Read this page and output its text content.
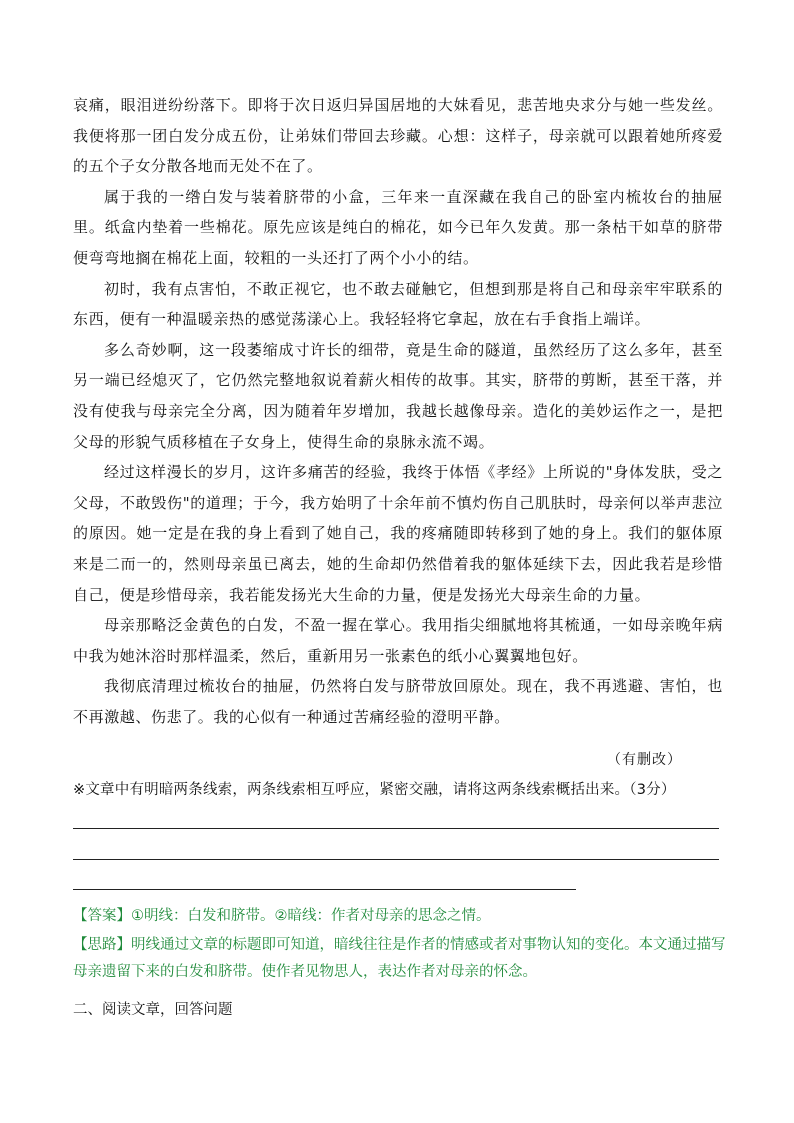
哀痛，眼泪迸纷纷落下。即将于次日返归异国居地的大妹看见，悲苦地央求分与她一些发丝。我便将那一团白发分成五份，让弟妹们带回去珍藏。心想：这样子，母亲就可以跟着她所疼爱的五个子女分散各地而无处不在了。

属于我的一绺白发与装着脐带的小盒，三年来一直深藏在我自己的卧室内梳妆台的抽屉里。纸盒内垫着一些棉花。原先应该是纯白的棉花，如今已年久发黄。那一条枯干如草的脐带便弯弯地搁在棉花上面，较粗的一头还打了两个小小的结。

初时，我有点害怕，不敢正视它，也不敢去碰触它，但想到那是将自己和母亲牢牢联系的东西，便有一种温暖亲热的感觉荡漾心上。我轻轻将它拿起，放在右手食指上端详。

多么奇妙啊，这一段萎缩成寸许长的细带，竟是生命的隧道，虽然经历了这么多年，甚至另一端已经熄灭了，它仍然完整地叙说着薪火相传的故事。其实，脐带的剪断，甚至干落，并没有使我与母亲完全分离，因为随着年岁增加，我越长越像母亲。造化的美妙运作之一，是把父母的形貌气质移植在子女身上，使得生命的泉脉永流不竭。

经过这样漫长的岁月，这许多痛苦的经验，我终于体悟《孝经》上所说的"身体发肤，受之父母，不敢毁伤"的道理；于今，我方始明了十余年前不慎灼伤自己肌肤时，母亲何以举声悲泣的原因。她一定是在我的身上看到了她自己，我的疼痛随即转移到了她的身上。我们的躯体原来是二而一的，然则母亲虽已离去，她的生命却仍然借着我的躯体延续下去，因此我若是珍惜自己，便是珍惜母亲，我若能发扬光大生命的力量，便是发扬光大母亲生命的力量。

母亲那略泛金黄色的白发，不盈一握在掌心。我用指尖细腻地将其梳通，一如母亲晚年病中我为她沐浴时那样温柔，然后，重新用另一张素色的纸小心翼翼地包好。

我彻底清理过梳妆台的抽屉，仍然将白发与脐带放回原处。现在，我不再逃避、害怕，也不再激越、伤悲了。我的心似有一种通过苦痛经验的澄明平静。

（有删改）
※文章中有明暗两条线索，两条线索相互呼应，紧密交融，请将这两条线索概括出来。（3分）

【答案】①明线：白发和脐带。②暗线：作者对母亲的思念之情。

【思路】明线通过文章的标题即可知道，暗线往往是作者的情感或者对事物认知的变化。本文通过描写母亲遗留下来的白发和脐带。使作者见物思人，表达作者对母亲的怀念。

二、阅读文章，回答问题
